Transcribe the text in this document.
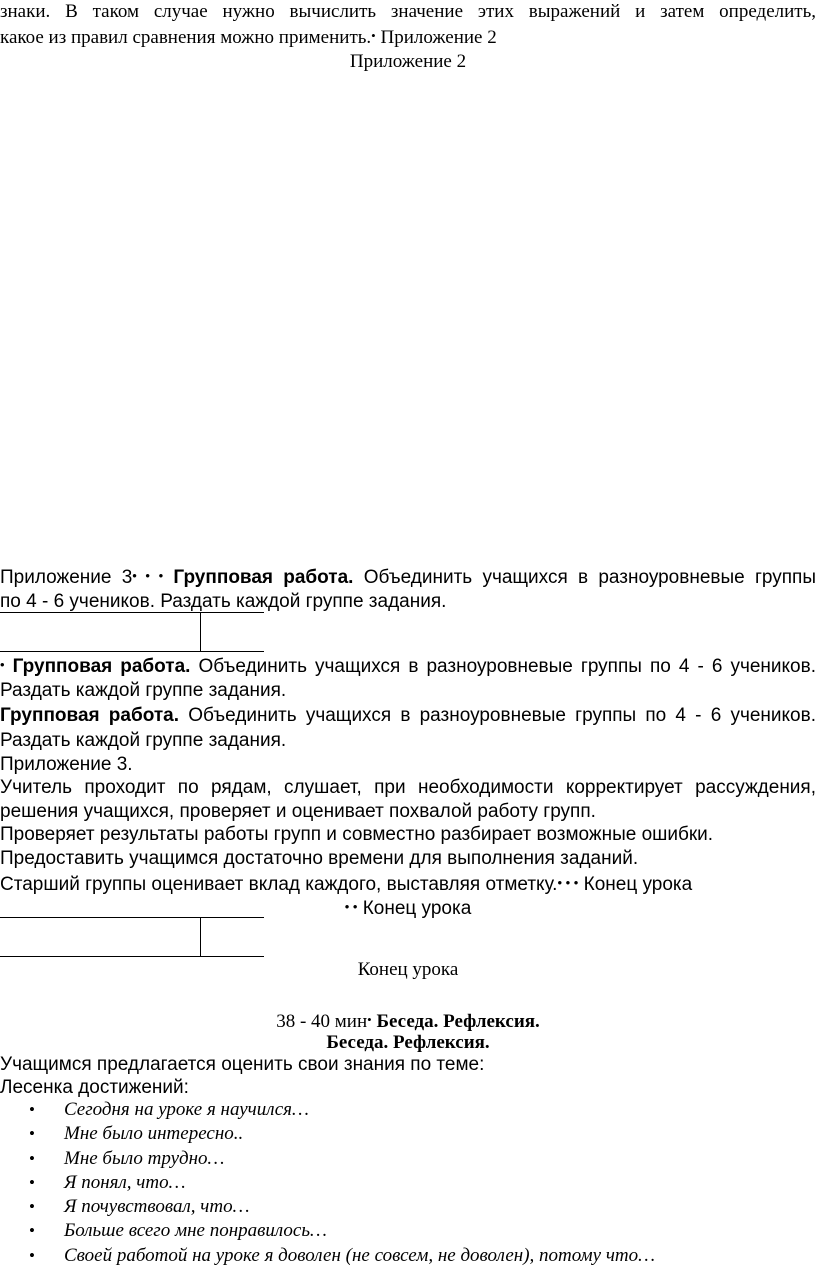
знаки. В таком случае нужно вычислить значение этих выражений и затем определить,
какое из правил сравнения можно применить.• Приложение 2
Приложение 2
Приложение 3• • • Групповая работа. Объединить учащихся в разноуровневые группы
по 4 - 6 учеников. Раздать каждой группе задания.
• Групповая работа. Объединить учащихся в разноуровневые группы по 4 - 6 учеников.
Раздать каждой группе задания.
Групповая работа. Объединить учащихся в разноуровневые группы по 4 - 6 учеников.
Раздать каждой группе задания.
Приложение 3.
Учитель проходит по рядам, слушает, при необходимости корректирует рассуждения,
решения учащихся, проверяет и оценивает похвалой работу групп.
Проверяет результаты работы групп и совместно разбирает возможные ошибки.
Предоставить учащимся достаточно времени для выполнения заданий.
Старший группы оценивает вклад каждого, выставляя отметку.• • • Конец урока
• • Конец урока
Конец урока
38 - 40 мин• Беседа. Рефлексия.
Беседа. Рефлексия.
Учащимся предлагается оценить свои знания по теме:
Лесенка достижений:
• Сегодня на уроке я научился…
• Мне было интересно..
• Мне было трудно…
• Я понял, что…
• Я почувствовал, что…
• Больше всего мне понравилось…
• Своей работой на уроке я доволен (не совсем, не доволен), потому что…
